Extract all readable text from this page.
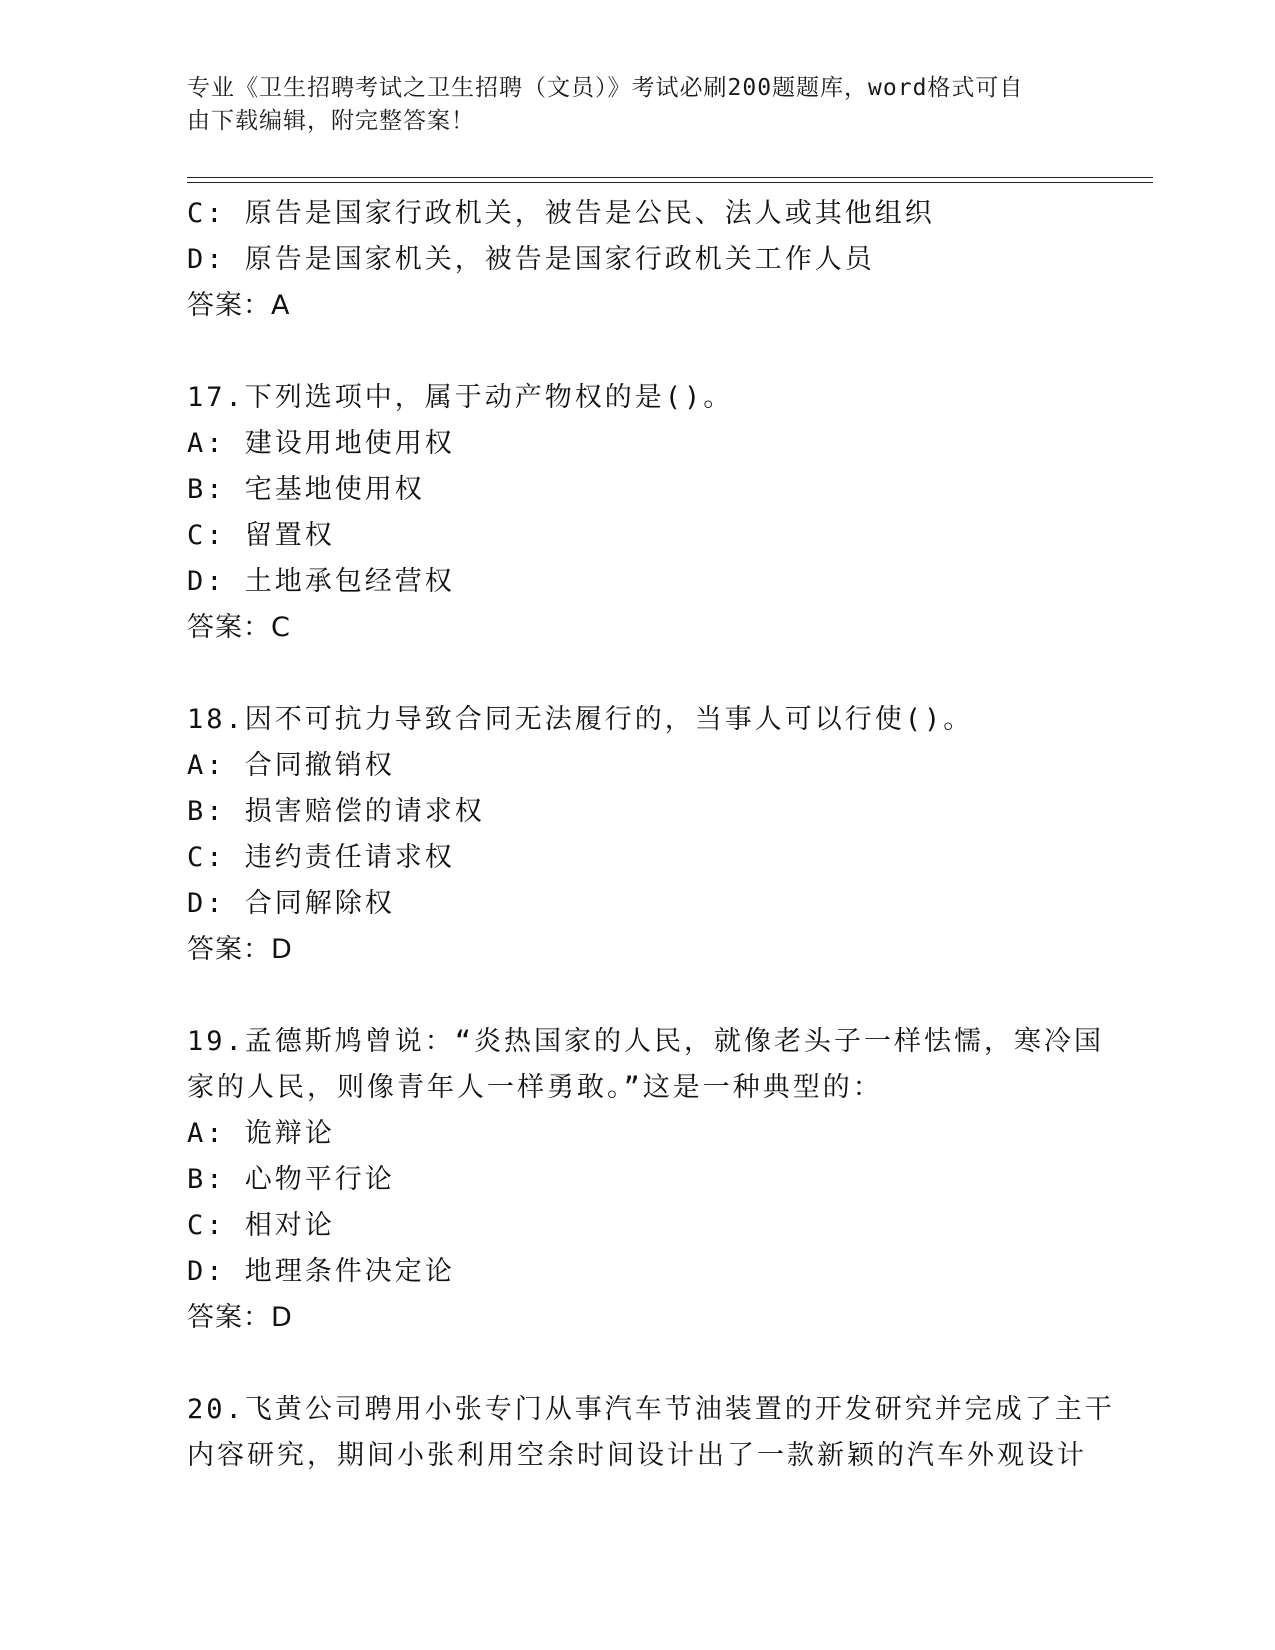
专业《卫生招聘考试之卫生招聘（文员）》考试必刷200题题库，word格式可自
由下载编辑，附完整答案！
C: 原告是国家行政机关，被告是公民、法人或其他组织
D: 原告是国家机关，被告是国家行政机关工作人员
答案：A
17.下列选项中，属于动产物权的是()。
A: 建设用地使用权
B: 宅基地使用权
C: 留置权
D: 土地承包经营权
答案：C
18.因不可抗力导致合同无法履行的，当事人可以行使()。
A: 合同撤销权
B: 损害赔偿的请求权
C: 违约责任请求权
D: 合同解除权
答案：D
19.孟德斯鸠曾说：“炎热国家的人民，就像老头子一样怯懦，寒冷国
家的人民，则像青年人一样勇敢。”这是一种典型的：
A: 诡辩论
B: 心物平行论
C: 相对论
D: 地理条件决定论
答案：D
20.飞黄公司聘用小张专门从事汽车节油装置的开发研究并完成了主干
内容研究，期间小张利用空余时间设计出了一款新颖的汽车外观设计
